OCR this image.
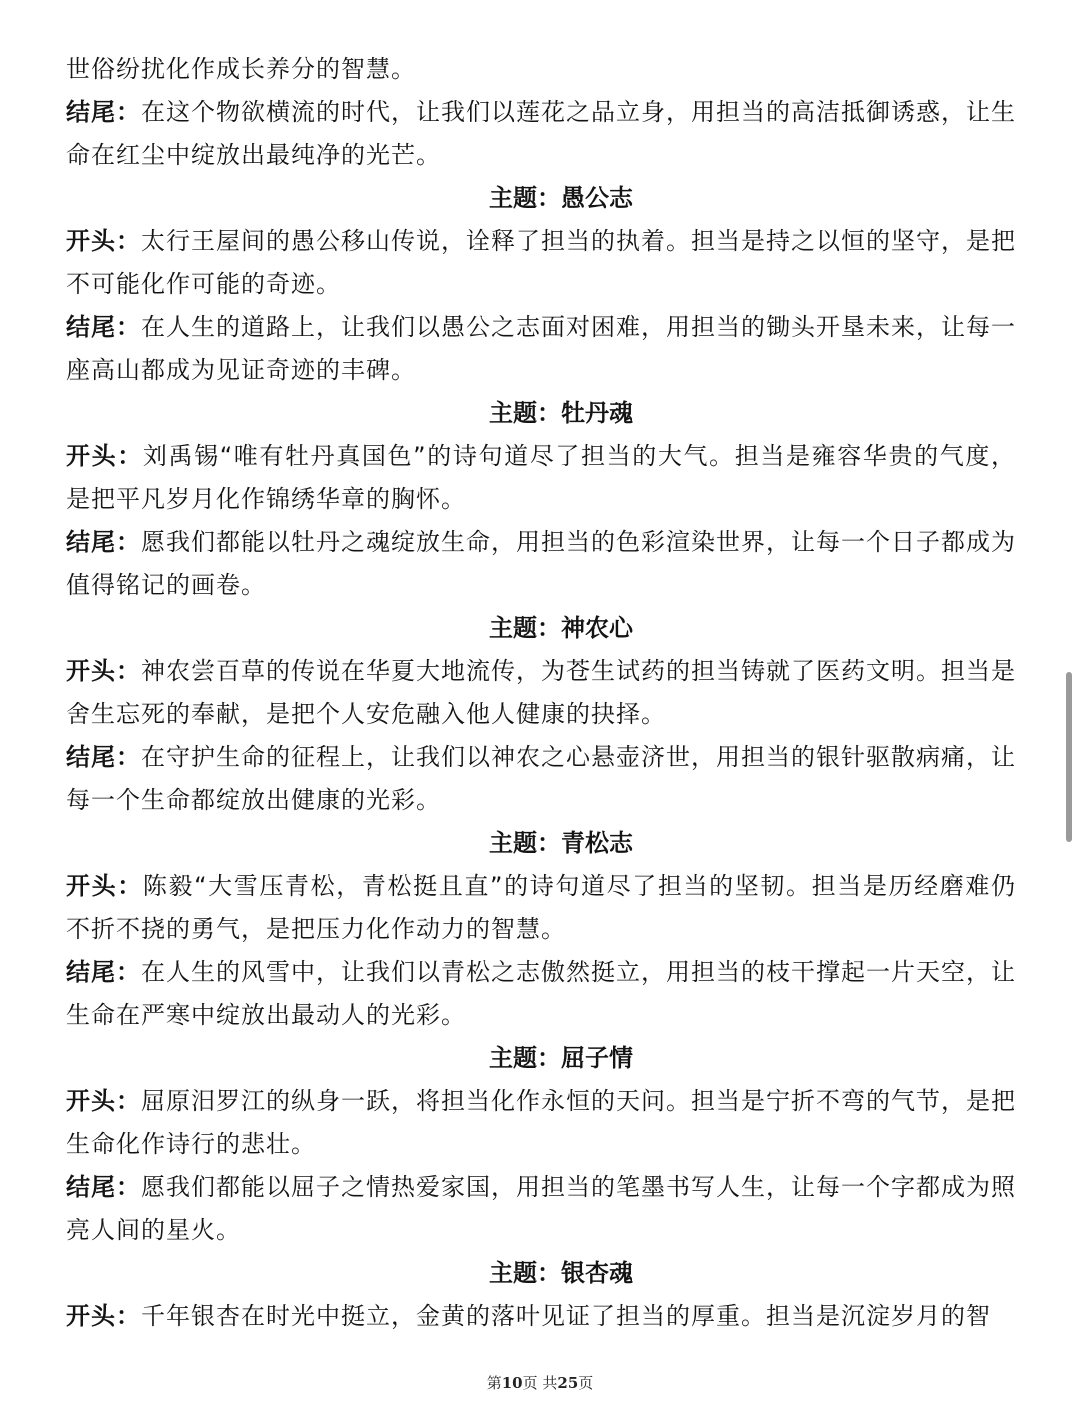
世俗纷扰化作成长养分的智慧。

结尾：在这个物欲横流的时代，让我们以莲花之品立身，用担当的高洁抵御诱惑，让生命在红尘中绽放出最纯净的光芒。

主题：愚公志

开头：太行王屋间的愚公移山传说，诠释了担当的执着。担当是持之以恒的坚守，是把不可能化作可能的奇迹。

结尾：在人生的道路上，让我们以愚公之志面对困难，用担当的锄头开垦未来，让每一座高山都成为见证奇迹的丰碑。

主题：牡丹魂

开头：刘禹锡“唯有牡丹真国色”的诗句道尽了担当的大气。担当是雍容华贵的气度，是把平凡岁月化作锦绣华章的胸怀。

结尾：愿我们都能以牡丹之魂绽放生命，用担当的色彩渲染世界，让每一个日子都成为值得铭记的画卷。

主题：神农心

开头：神农尝百草的传说在华夏大地流传，为苍生试药的担当铸就了医药文明。担当是舍生忘死的奉献，是把个人安危融入他人健康的抉择。

结尾：在守护生命的征程上，让我们以神农之心悬壶济世，用担当的银针驱散病痛，让每一个生命都绽放出健康的光彩。

主题：青松志

开头：陈毅“大雪压青松，青松挺且直”的诗句道尽了担当的坚韧。担当是历经磨难仍不折不挠的勇气，是把压力化作动力的智慧。

结尾：在人生的风雪中，让我们以青松之志傲然挺立，用担当的枝干撑起一片天空，让生命在严寒中绽放出最动人的光彩。

主题：屈子情

开头：屈原汨罗江的纵身一跃，将担当化作永恒的天问。担当是宁折不弯的气节，是把生命化作诗行的悲壮。

结尾：愿我们都能以屈子之情热爱家国，用担当的笔墨书写人生，让每一个字都成为照亮人间的星火。

主题：银杏魂

开头：千年银杏在时光中挺立，金黄的落叶见证了担当的厚重。担当是沉淀岁月的智

第10页 共25页
